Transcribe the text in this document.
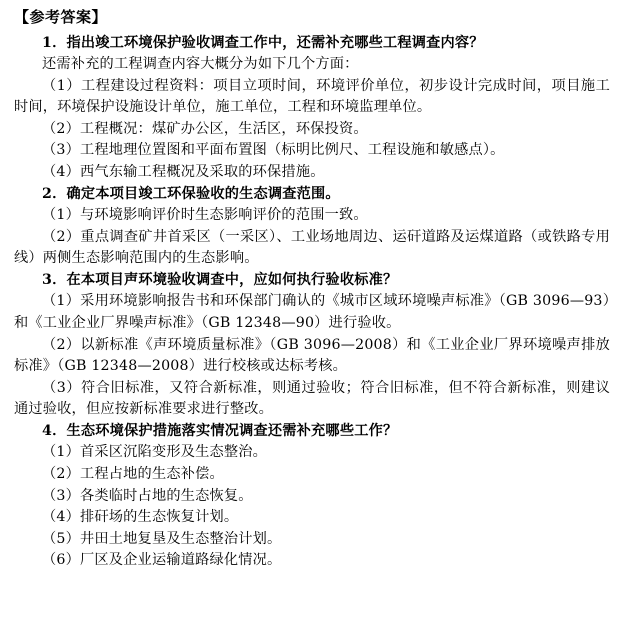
【参考答案】

1．指出竣工环境保护验收调查工作中，还需补充哪些工程调查内容？

还需补充的工程调查内容大概分为如下几个方面：

（1）工程建设过程资料：项目立项时间，环境评价单位，初步设计完成时间，项目施工时间，环境保护设施设计单位，施工单位，工程和环境监理单位。

（2）工程概况：煤矿办公区，生活区，环保投资。

（3）工程地理位置图和平面布置图（标明比例尺、工程设施和敏感点）。

（4）西气东输工程概况及采取的环保措施。

2．确定本项目竣工环保验收的生态调查范围。

（1）与环境影响评价时生态影响评价的范围一致。

（2）重点调查矿井首采区（一采区）、工业场地周边、运矸道路及运煤道路（或铁路专用线）两侧生态影响范围内的生态影响。

3．在本项目声环境验收调查中，应如何执行验收标准？

（1）采用环境影响报告书和环保部门确认的《城市区域环境噪声标准》（GB 3096—93）和《工业企业厂界噪声标准》（GB 12348—90）进行验收。

（2）以新标准《声环境质量标准》（GB 3096—2008）和《工业企业厂界环境噪声排放标准》（GB 12348—2008）进行校核或达标考核。

（3）符合旧标准，又符合新标准，则通过验收；符合旧标准，但不符合新标准，则建议通过验收，但应按新标准要求进行整改。

4．生态环境保护措施落实情况调查还需补充哪些工作？

（1）首采区沉陷变形及生态整治。

（2）工程占地的生态补偿。

（3）各类临时占地的生态恢复。

（4）排矸场的生态恢复计划。

（5）井田土地复垦及生态整治计划。

（6）厂区及企业运输道路绿化情况。
